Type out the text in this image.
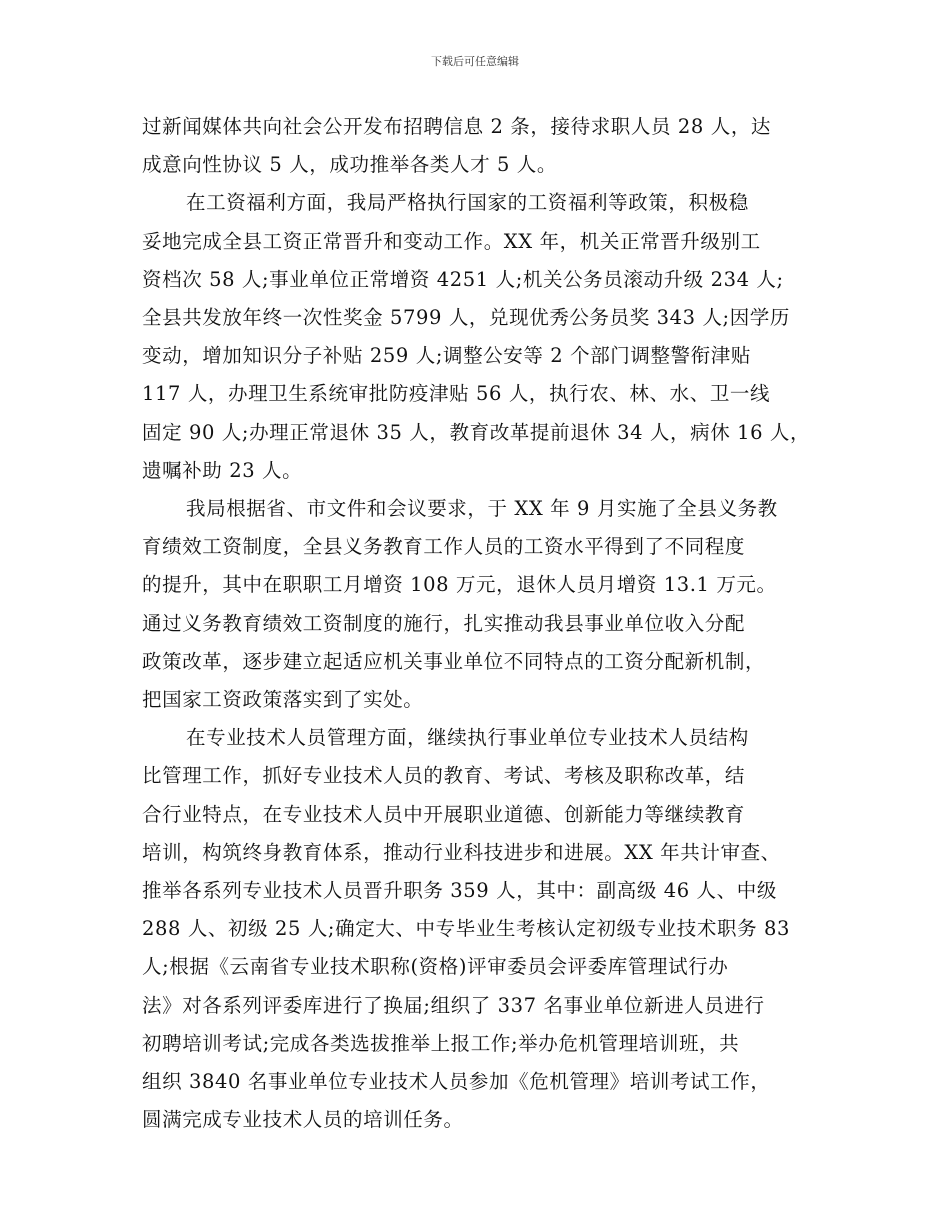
下载后可任意编辑
过新闻媒体共向社会公开发布招聘信息 2 条，接待求职人员 28 人，达
成意向性协议 5 人，成功推举各类人才 5 人。
在工资福利方面，我局严格执行国家的工资福利等政策，积极稳
妥地完成全县工资正常晋升和变动工作。XX 年，机关正常晋升级别工
资档次 58 人;事业单位正常增资 4251 人;机关公务员滚动升级 234 人;
全县共发放年终一次性奖金 5799 人，兑现优秀公务员奖 343 人;因学历
变动，增加知识分子补贴 259 人;调整公安等 2 个部门调整警衔津贴
117 人，办理卫生系统审批防疫津贴 56 人，执行农、林、水、卫一线
固定 90 人;办理正常退休 35 人，教育改革提前退休 34 人，病休 16 人，
遗嘱补助 23 人。
我局根据省、市文件和会议要求，于 XX 年 9 月实施了全县义务教
育绩效工资制度，全县义务教育工作人员的工资水平得到了不同程度
的提升，其中在职职工月增资 108 万元，退休人员月增资 13.1 万元。
通过义务教育绩效工资制度的施行，扎实推动我县事业单位收入分配
政策改革，逐步建立起适应机关事业单位不同特点的工资分配新机制，
把国家工资政策落实到了实处。
在专业技术人员管理方面，继续执行事业单位专业技术人员结构
比管理工作，抓好专业技术人员的教育、考试、考核及职称改革，结
合行业特点，在专业技术人员中开展职业道德、创新能力等继续教育
培训，构筑终身教育体系，推动行业科技进步和进展。XX 年共计审查、
推举各系列专业技术人员晋升职务 359 人，其中：副高级 46 人、中级
288 人、初级 25 人;确定大、中专毕业生考核认定初级专业技术职务 83
人;根据《云南省专业技术职称(资格)评审委员会评委库管理试行办
法》对各系列评委库进行了换届;组织了 337 名事业单位新进人员进行
初聘培训考试;完成各类选拔推举上报工作;举办危机管理培训班，共
组织 3840 名事业单位专业技术人员参加《危机管理》培训考试工作，
圆满完成专业技术人员的培训任务。
